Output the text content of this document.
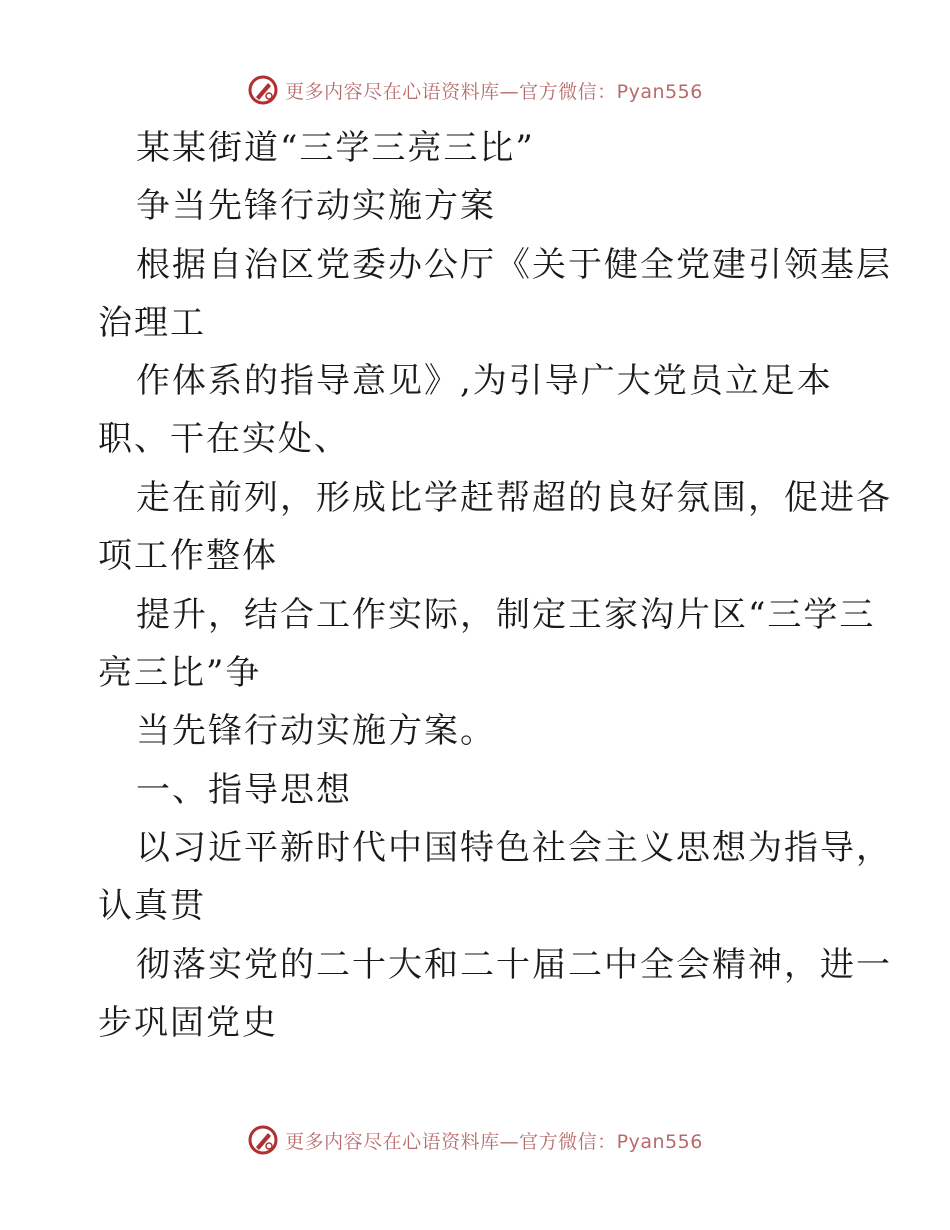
更多内容尽在心语资料库—官方微信：Pyan556
某某街道“三学三亮三比”
争当先锋行动实施方案
根据自治区党委办公厅《关于健全党建引领基层
治理工
作体系的指导意见》,为引导广大党员立足本
职、干在实处、
走在前列，形成比学赶帮超的良好氛围，促进各
项工作整体
提升，结合工作实际，制定王家沟片区“三学三
亮三比”争
当先锋行动实施方案。
一、指导思想
以习近平新时代中国特色社会主义思想为指导，
认真贯
彻落实党的二十大和二十届二中全会精神，进一
步巩固党史
更多内容尽在心语资料库—官方微信：Pyan556
